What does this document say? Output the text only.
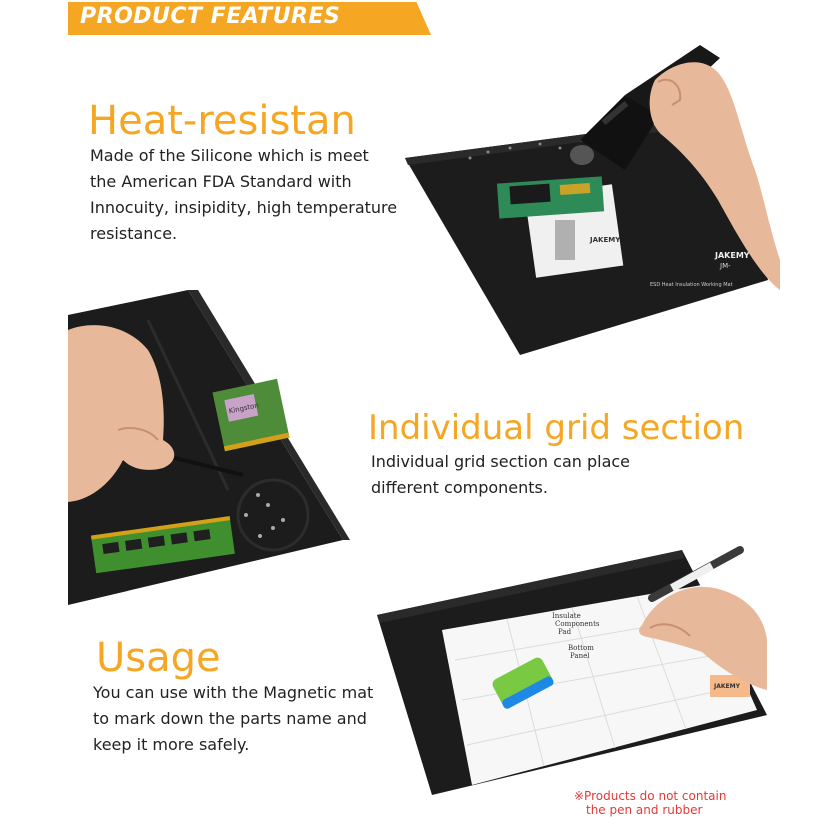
PRODUCT FEATURES
Heat-resistan
Made of the Silicone which is meet
the American FDA Standard with
Innocuity, insipidity, high temperature
resistance.	JAKEMY
JAKEMY
JM-
ESD Heat Insulation Working Mat
Kingston	Individual grid section
Individual grid section can place
different components.
Usage
You can use with the Magnetic mat
to mark down the parts name and
keep it more safely.
Insulate
Components
Pad
Bottom
Panel
JAKEMY
※Products do not contain
the pen and rubber
